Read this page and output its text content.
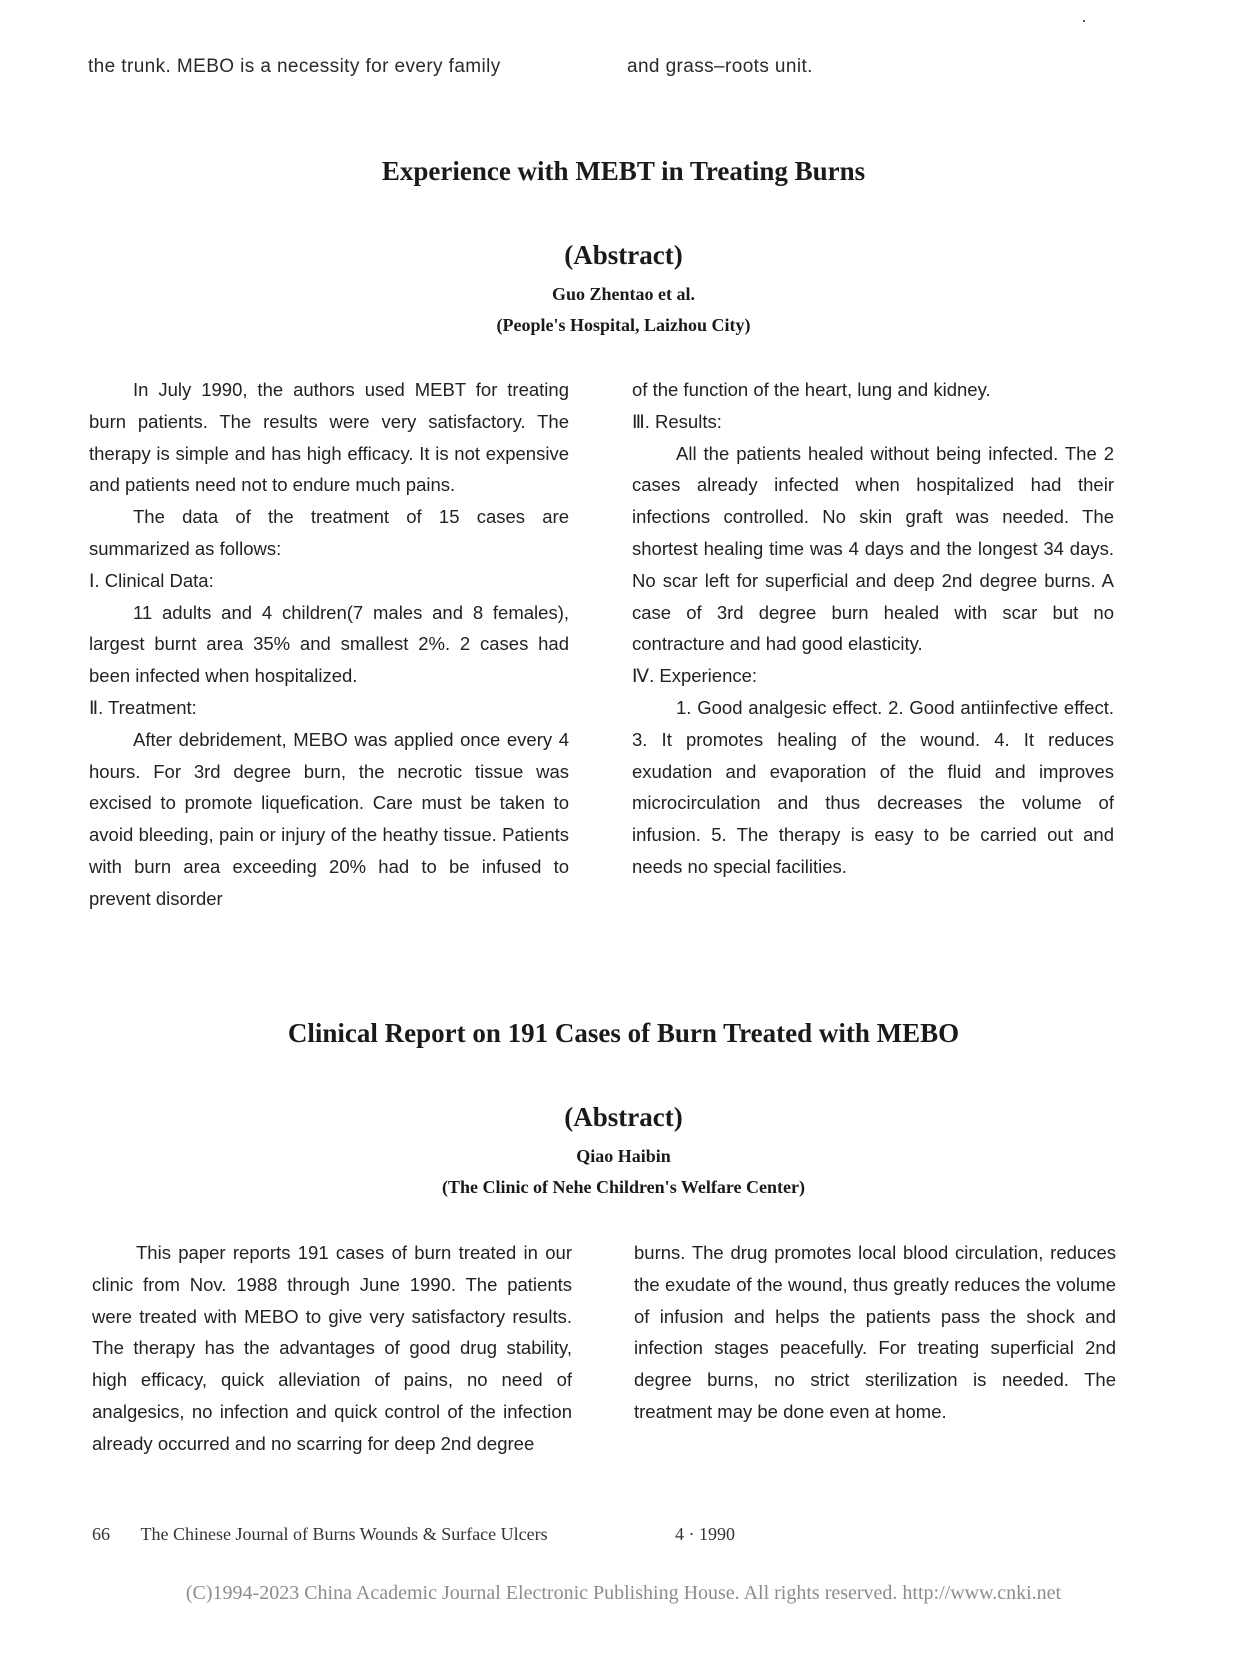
the trunk. MEBO is a necessity for every family	and grass–roots unit.
Experience with MEBT in Treating Burns
(Abstract)
Guo Zhentao et al.
(People's Hospital, Laizhou City)

In July 1990, the authors used MEBT for treating burn patients. The results were very satisfactory. The therapy is simple and has high efficacy. It is not expensive and patients need not to endure much pains.

The data of the treatment of 15 cases are summarized as follows:

Ⅰ. Clinical Data:

11 adults and 4 children(7 males and 8 females), largest burnt area 35% and smallest 2%. 2 cases had been infected when hospitalized.

Ⅱ. Treatment:

After debridement, MEBO was applied once every 4 hours. For 3rd degree burn, the necrotic tissue was excised to promote liquefication. Care must be taken to avoid bleeding, pain or injury of the heathy tissue. Patients with burn area exceeding 20% had to be infused to prevent disorder

of the function of the heart, lung and kidney.

Ⅲ. Results:

All the patients healed without being infected. The 2 cases already infected when hospitalized had their infections controlled. No skin graft was needed. The shortest healing time was 4 days and the longest 34 days. No scar left for superficial and deep 2nd degree burns. A case of 3rd degree burn healed with scar but no contracture and had good elasticity.

Ⅳ. Experience:

1. Good analgesic effect. 2. Good antiinfective effect. 3. It promotes healing of the wound. 4. It reduces exudation and evaporation of the fluid and improves microcirculation and thus decreases the volume of infusion. 5. The therapy is easy to be carried out and needs no special facilities.

Clinical Report on 191 Cases of Burn Treated with MEBO
(Abstract)
Qiao Haibin
(The Clinic of Nehe Children's Welfare Center)

This paper reports 191 cases of burn treated in our clinic from Nov. 1988 through June 1990. The patients were treated with MEBO to give very satisfactory results. The therapy has the advantages of good drug stability, high efficacy, quick alleviation of pains, no need of analgesics, no infection and quick control of the infection already occurred and no scarring for deep 2nd degree

burns. The drug promotes local blood circulation, reduces the exudate of the wound, thus greatly reduces the volume of infusion and helps the patients pass the shock and infection stages peacefully. For treating superficial 2nd degree burns, no strict sterilization is needed. The treatment may be done even at home.

66 The Chinese Journal of Burns Wounds & Surface Ulcers	4 · 1990
(C)1994-2023 China Academic Journal Electronic Publishing House. All rights reserved. http://www.cnki.net
